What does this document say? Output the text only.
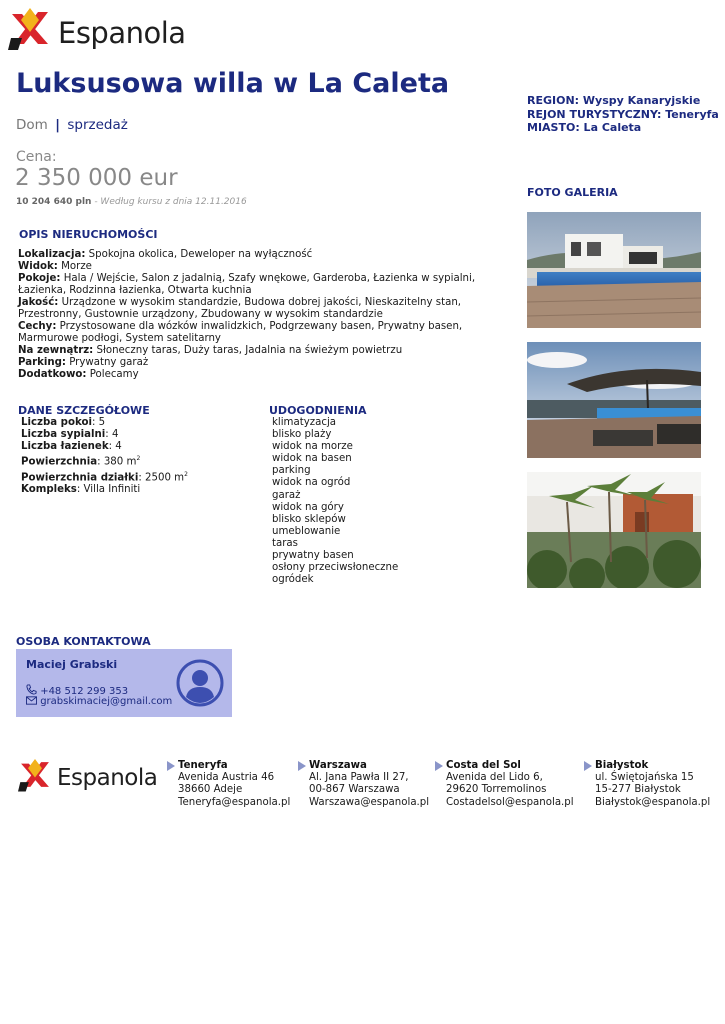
Espanola
Luksusowa willa w La Caleta
Dom | sprzedaż
Cena:
2 350 000 eur
10 204 640 pln - Według kursu z dnia 12.11.2016
REGION: Wyspy Kanaryjskie
REJON TURYSTYCZNY: Teneryfa
MIASTO: La Caleta
FOTO GALERIA
OPIS NIERUCHOMOŚCI
Lokalizacja: Spokojna okolica, Deweloper na wyłączność
Widok: Morze
Pokoje: Hala / Wejście, Salon z jadalnią, Szafy wnękowe, Garderoba, Łazienka w sypialni, Łazienka, Rodzinna łazienka, Otwarta kuchnia
Jakość: Urządzone w wysokim standardzie, Budowa dobrej jakości, Nieskazitelny stan, Przestronny, Gustownie urządzony, Zbudowany w wysokim standardzie
Cechy: Przystosowane dla wózków inwalidzkich, Podgrzewany basen, Prywatny basen, Marmurowe podłogi, System satelitarny
Na zewnątrz: Słoneczny taras, Duży taras, Jadalnia na świeżym powietrzu
Parking: Prywatny garaż
Dodatkowo: Polecamy
DANE SZCZEGÓŁOWE
Liczba pokoi: 5
Liczba sypialni: 4
Liczba łazienek: 4
Powierzchnia: 380 $m^2$
Powierzchnia działki: 2500 $m^2$
Kompleks: Villa Infiniti
UDOGODNIENIA
klimatyzacja
blisko plaży
widok na morze
widok na basen
parking
widok na ogród
garaż
widok na góry
blisko sklepów
umeblowanie
taras
prywatny basen
osłony przeciwsłoneczne
ogródek
OSOBA KONTAKTOWA
Maciej Grabski
+48 512 299 353
grabskimaciej@gmail.com
Espanola Teneryfa
Avenida Austria 46
38660 Adeje
Teneryfa@espanola.pl
Warszawa
Al. Jana Pawła II 27,
00-867 Warszawa
Warszawa@espanola.pl
Costa del Sol
Avenida del Lido 6,
29620 Torremolinos
Costadelsol@espanola.pl
Białystok
ul. Świętojańska 15
15-277 Białystok
Białystok@espanola.pl
